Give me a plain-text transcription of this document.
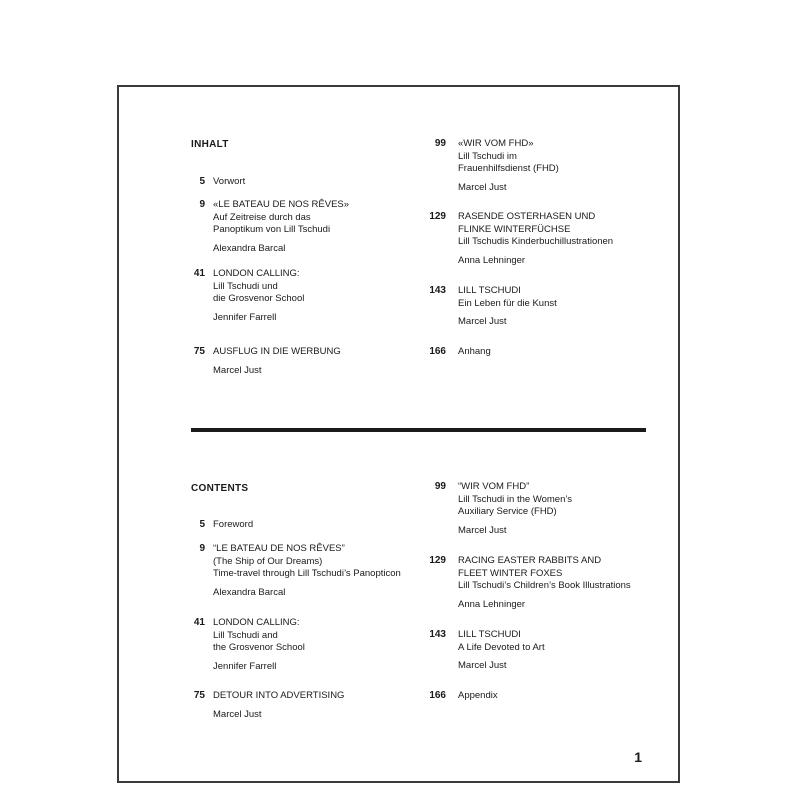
INHALT
5 Vorwort
9 «LE BATEAU DE NOS RÊVES»
Auf Zeitreise durch das
Panoptikum von Lill Tschudi
Alexandra Barcal
41 LONDON CALLING:
Lill Tschudi und
die Grosvenor School
Jennifer Farrell
75 AUSFLUG IN DIE WERBUNG
Marcel Just
99 «WIR VOM FHD»
Lill Tschudi im
Frauenhilfsdienst (FHD)
Marcel Just
129 RASENDE OSTERHASEN UND
FLINKE WINTERFÜCHSE
Lill Tschudis Kinderbuchillustrationen
Anna Lehninger
143 LILL TSCHUDI
Ein Leben für die Kunst
Marcel Just
166 Anhang
CONTENTS
5 Foreword
9 “LE BATEAU DE NOS RÊVES”
(The Ship of Our Dreams)
Time-travel through Lill Tschudi’s Panopticon
Alexandra Barcal
41 LONDON CALLING:
Lill Tschudi and
the Grosvenor School
Jennifer Farrell
75 DETOUR INTO ADVERTISING
Marcel Just
99 “WIR VOM FHD”
Lill Tschudi in the Women’s
Auxiliary Service (FHD)
Marcel Just
129 RACING EASTER RABBITS AND
FLEET WINTER FOXES
Lill Tschudi’s Children’s Book Illustrations
Anna Lehninger
143 LILL TSCHUDI
A Life Devoted to Art
Marcel Just
166 Appendix
1
